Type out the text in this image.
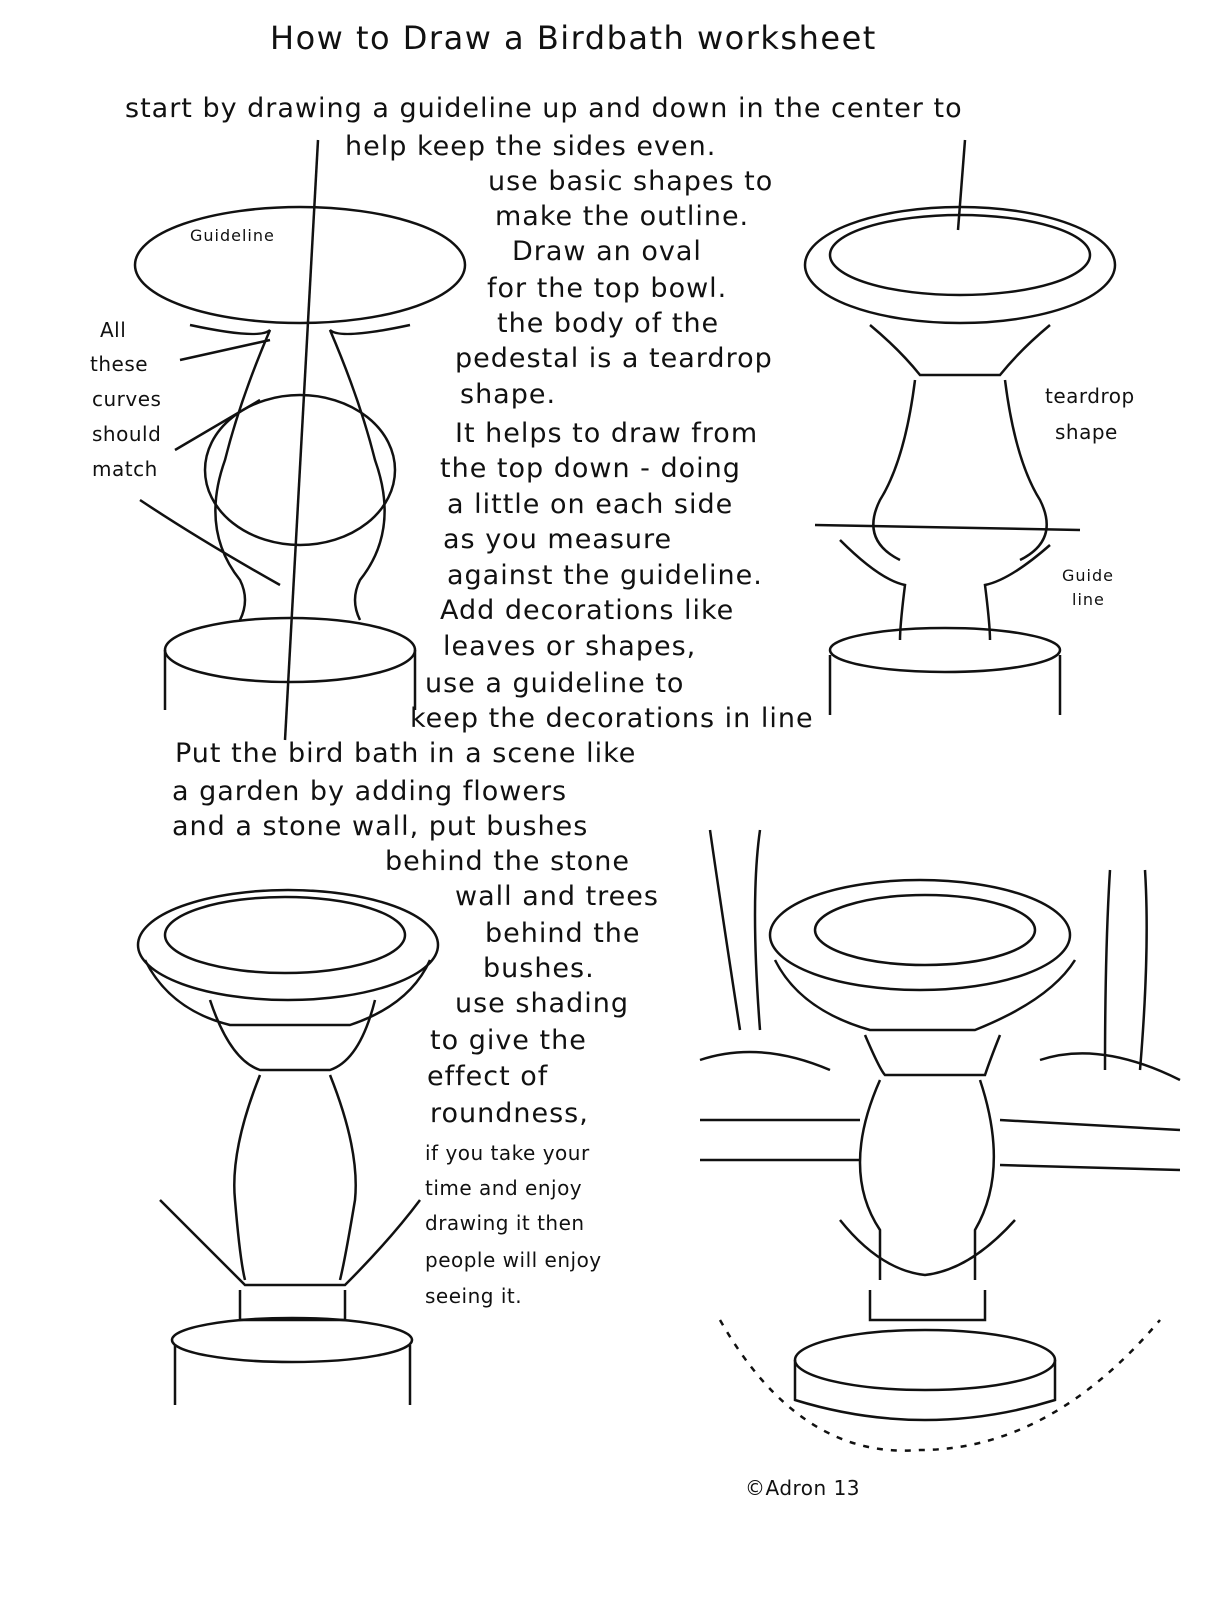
How to Draw a Birdbath worksheet
start by drawing a guideline up and down in the center to
help keep the sides even.
use basic shapes to
make the outline.
Draw an oval
for the top bowl.
the body of the
pedestal is a teardrop
shape.
It helps to draw from
the top down - doing
a little on each side
as you measure
against the guideline.
Add decorations like
leaves or shapes,
use a guideline to
keep the decorations in line
Put the bird bath in a scene like
a garden by adding flowers
and a stone wall, put bushes
behind the stone
wall and trees
behind the
bushes.
use shading
to give the
effect of
roundness,
if you take your
time and enjoy
drawing it then
people will enjoy
seeing it.
Guideline
All
these
curves
should
match
teardrop
shape
Guide
line
©Adron 13
